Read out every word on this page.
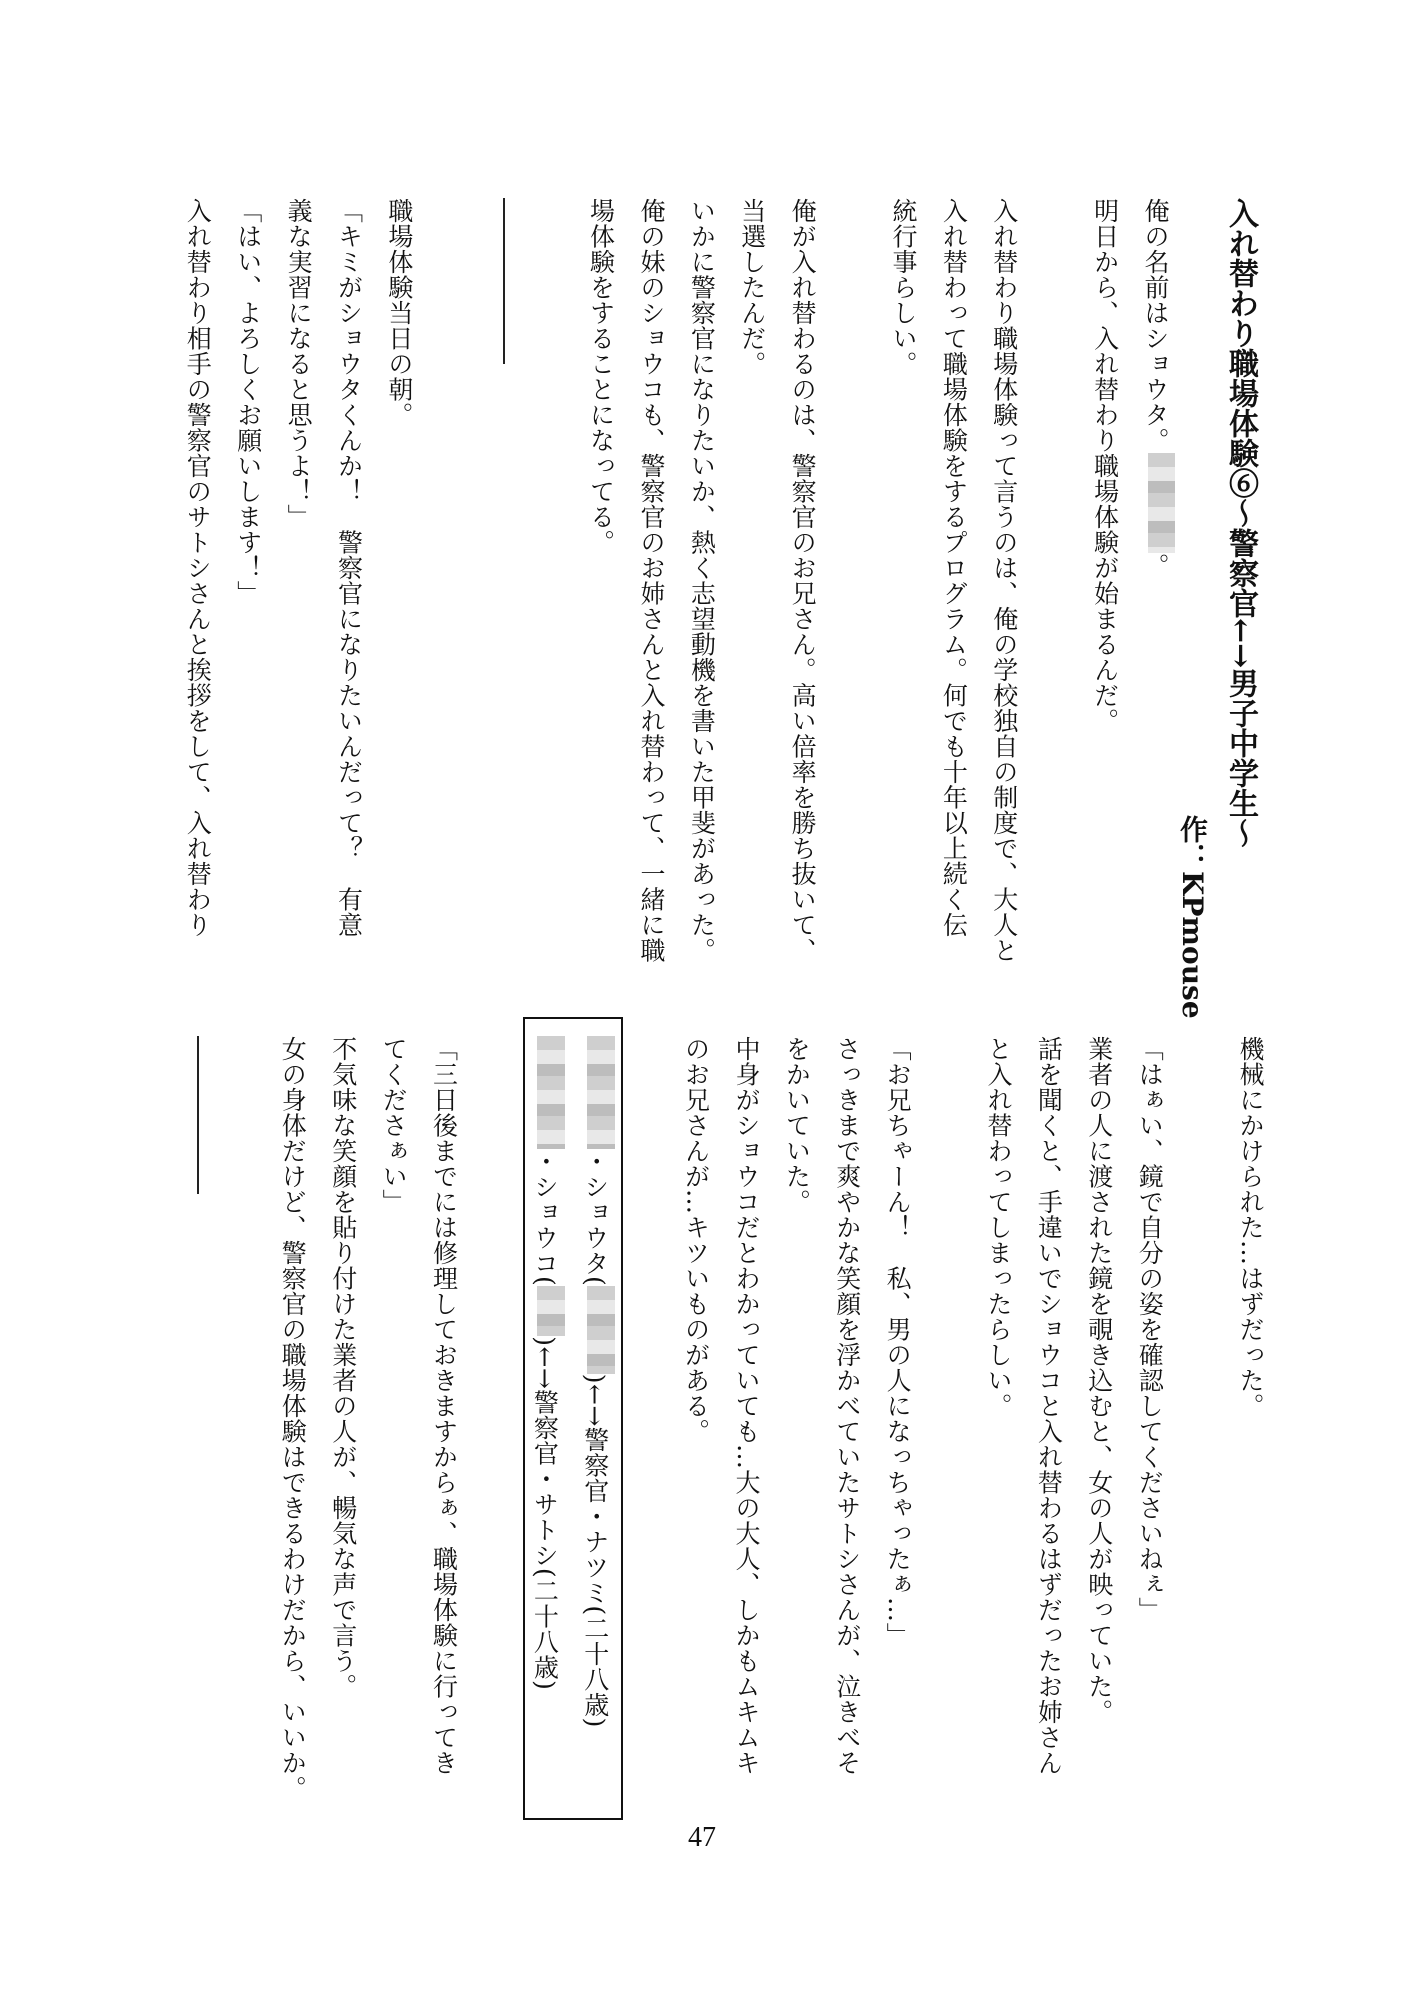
入れ替わり職場体験⑥～警察官←→男子中学生～
作：KPmouse
俺の名前はショウタ。。
明日から、入れ替わり職場体験が始まるんだ。
入れ替わり職場体験って言うのは、俺の学校独自の制度で、大人と
入れ替わって職場体験をするプログラム。何でも十年以上続く伝
統行事らしい。
俺が入れ替わるのは、警察官のお兄さん。高い倍率を勝ち抜いて、
当選したんだ。
いかに警察官になりたいか、熱く志望動機を書いた甲斐があった。
俺の妹のショウコも、警察官のお姉さんと入れ替わって、一緒に職
場体験をすることになってる。
職場体験当日の朝。
「キミがショウタくんか！　警察官になりたいんだって？　有意
義な実習になると思うよ！」
「はい、よろしくお願いします！」
入れ替わり相手の警察官のサトシさんと挨拶をして、入れ替わり
機械にかけられた…はずだった。
「はぁい、鏡で自分の姿を確認してくださいねぇ」
業者の人に渡された鏡を覗き込むと、女の人が映っていた。
話を聞くと、手違いでショウコと入れ替わるはずだったお姉さん
と入れ替わってしまったらしい。
「お兄ちゃーん！　私、男の人になっちゃったぁ…」
さっきまで爽やかな笑顔を浮かべていたサトシさんが、泣きべそ
をかいていた。
中身がショウコだとわかっていても…大の大人、しかもムキムキ
のお兄さんが…キツいものがある。
・ショウタ()←→警察官・ナツミ(二十八歳)
・ショウコ()←→警察官・サトシ(二十八歳)
「三日後までには修理しておきますからぁ、職場体験に行ってき
てくださぁい」
不気味な笑顔を貼り付けた業者の人が、暢気な声で言う。
女の身体だけど、警察官の職場体験はできるわけだから、いいか。
47
